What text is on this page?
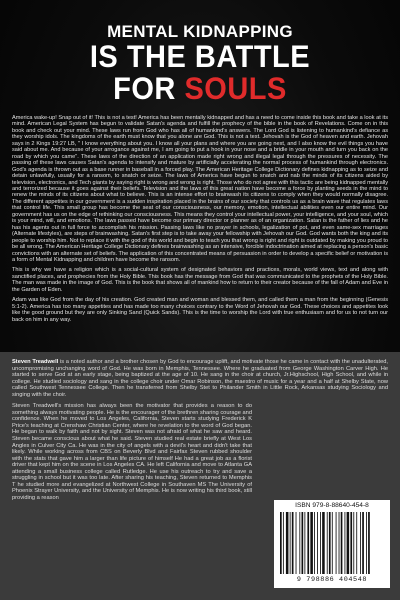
MENTAL KIDNAPPING
IS THE BATTLE
FOR SOULS

America wake-up! Snap out of it! This is not a test! America has been mentally kidnapped and has a need to come inside this book and take a look at its mind. American Legal System has begun to validate Satan's agenda and fulfill the prophecy of the bible in the book of Revelations. Come on in this book and check out your mind. These laws run from God who has all of humankind's answers. The Lord God is listening to humankind's defiance as they worship idols. The kingdoms of the earth must know that you alone are God. This is not a test. Jehovah is the God of heaven and earth. Jehovah says in 2 Kings 19:27 LB, " I know everything about you. I know all your plans and where you are going next, and I also know the evil things you have said about me. And because of your arrogance against me, I am going to put a hook in your nose and a bridle in your mouth and turn you back on the road by which you came". These laws of the direction of an application made right wrong and illegal legal through the pressures of necessity. The passing of these laws causes Satan's agenda to intensify and mature by artificially accelerating the normal process of humankind through electronics. God's agenda is thrown out as a base runner in baseball in a forced play. The American Heritage College Dictionary defines kidnapping as to seize and detain unlawfully, usually for a ransom, to snatch or seize. The laws of America have begun to snatch and nab the minds of its citizens aided by television, electronics, and Tech giants by saying right is wrong and wrong is right. Those who do not agree with this tactic are being kidnapped mentally and terrorized because it goes against their beliefs. Television and the laws of this great nation have become a force by planting seeds in the mind to renew the minds of its citizens about what to believe. This is an intense effort to brainwash its citizens to comply when they would normally disagree. The different appetites in our government is a sudden inspiration placed in the brains of our society that controls us as a brain wave that regulates laws that control life. This small group has become the seat of our consciousness, our memory, emotion, intellectual abilities even our entire mind. Our government has us on the edge of rethinking our consciousness. This means they control your intellectual power, your intelligence, and your soul, which is your mind, will, and emotions. The laws passed have become our primary director or planner as of an organization. Satan is the father of lies and he has his agents out in full force to accomplish his mission. Passing laws like no prayer in schools, legalization of pot, and even same-sex marriages (Alternate lifestyles), are steps of brainwashing. Satan's first step is to take away your fellowship with Jehovah our God. God wants both the king and its people to worship him. Not to replace it with the god of this world and begin to teach you that wrong is right and right is outdated by making you proud to be all wrong. The American Heritage College Dictionary defines brainwashing as an intensive, forcible indoctrination aimed at replacing a person's basic convictions with an alternate set of beliefs. The application of this concentrated means of persuasion in order to develop a specific belief or motivation is a form of Mental Kidnapping and children have become the ransom.

This is why we have a religion which is a social-cultural system of designated behaviors and practices, morals, world views, text and along with sanctified places, and prophecies from the Holy Bible. This book has the message from God that was communicated to the prophets of the Holy Bible. The man was made in the image of God. This is the book that shows all of mankind how to return to their creator because of the fall of Adam and Eve in the Garden of Eden.

Adam was like God from the day of his creation. God created man and woman and blessed them, and called them a man from the beginning (Genesis 5:1-2). America has too many appetites and has made too many choices contrary to the Word of Jehovah our God. These choices and appetites look like the good ground but they are only Sinking Sand (Quick Sands). This is the time to worship the Lord with true enthusiasm and for us to not turn our back on him in any way.

Steven Treadwell is a noted author and a brother chosen by God to encourage uplift, and motivate those he came in contact with the unadulterated, uncompromising unchanging word of God. He was born in Memphis, Tennessee. Where he graduated from George Washington Carver High. He started to serve God at an early stage, being baptized at the age of 10. He sang in the choir at church, Jr.Highschool, High School, and while in college. He studied sociology and sang in the college choir under Omar Robinson, the maestro of music for a year and a half at Shelby State, now called Southwest Tennessee College. Then he transferred from Shelby Stet to Philander Smith in Little Rock, Arkansas studying Sociology and singing with the choir.

Steven Treadwell's mission has always been the motivator that provides a reason to do something always motivating people. He is the encourager of the brethren sharing courage and confidence. When he moved to Los Angeles, California, Steven starts studying Frederick K Price's teaching at Crenshaw Christian Center, where he revelation to the word of God began. He began to walk by faith and not by sight. Steven was not afraid of what he saw and heard. Steven became conscious about what he said. Steven studied real estate briefly at West Los Angles in Culver City Ca. He was in the city of angels with a devil's heart and didn't take that likely. While working across from CBS on Beverly Blvd and Fairfax Steven rubbed shoulder with the stats that gave him a larger than life picture of himself He had a great job as a florist driver that kept him on the scene in Los Angeles CA. He left California and move to Atlanta GA attending a small business college called Rutledge. He use his outreach to try and save a struggling in school but it was too late. After sharing his teaching, Steven returned to Memphis T he studied more and evangelized at Northwest College in Southaven MS The University of Phoenix Strayer University, and the University of Memphis. He is now writing his third book, still providing a reason

ISBN 979-8-88640-454-8
9 798886 404548
